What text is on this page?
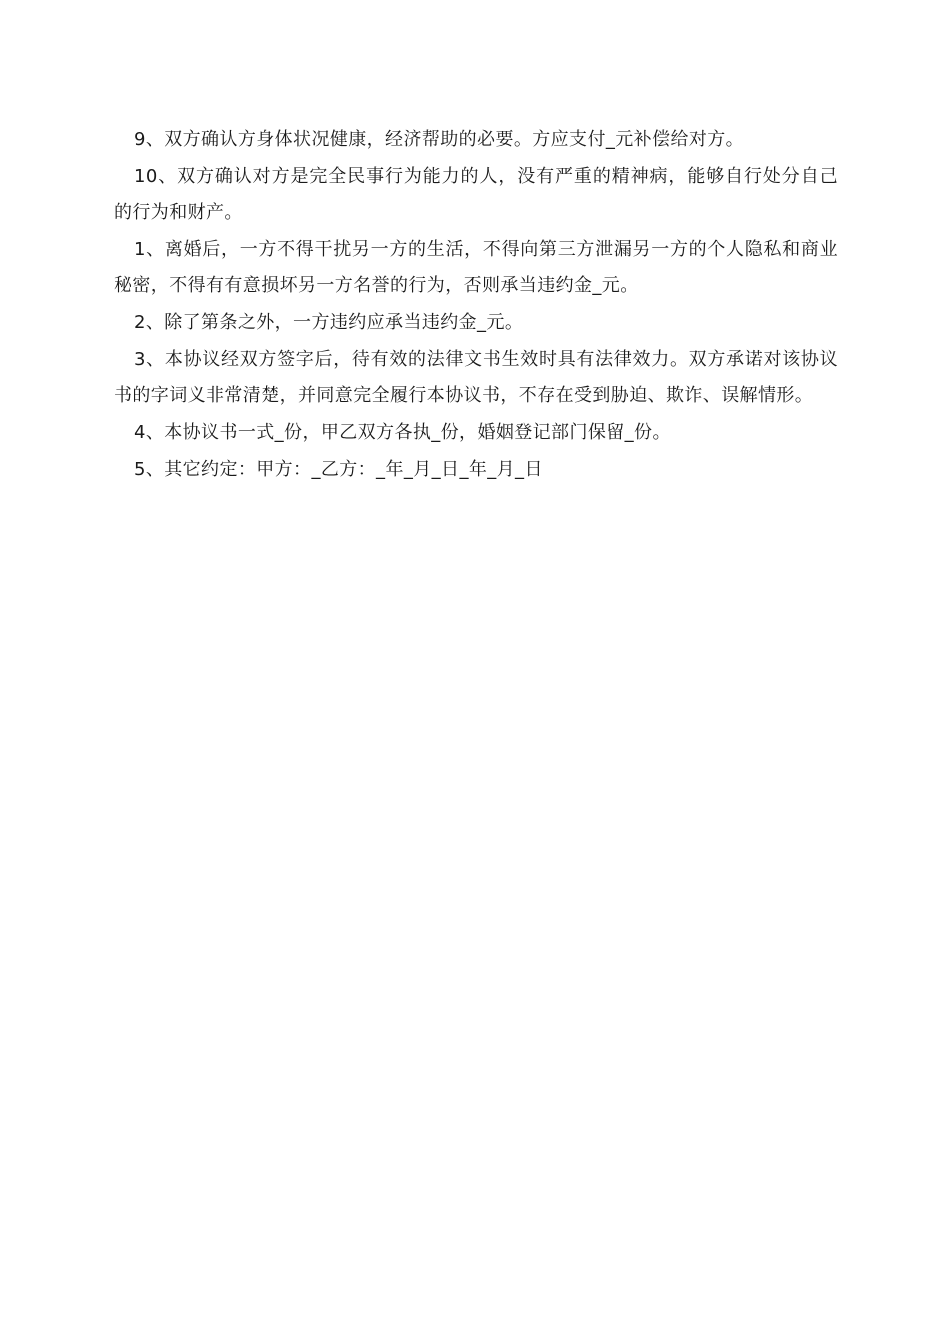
9、双方确认方身体状况健康，经济帮助的必要。方应支付_元补偿给对方。

10、双方确认对方是完全民事行为能力的人，没有严重的精神病，能够自行处分自己的行为和财产。

1、离婚后，一方不得干扰另一方的生活，不得向第三方泄漏另一方的个人隐私和商业秘密，不得有有意损坏另一方名誉的行为，否则承当违约金_元。

2、除了第条之外，一方违约应承当违约金_元。

3、本协议经双方签字后，待有效的法律文书生效时具有法律效力。双方承诺对该协议书的字词义非常清楚，并同意完全履行本协议书，不存在受到胁迫、欺诈、误解情形。

4、本协议书一式_份，甲乙双方各执_份，婚姻登记部门保留_份。

5、其它约定：甲方：_乙方：_年_月_日_年_月_日
